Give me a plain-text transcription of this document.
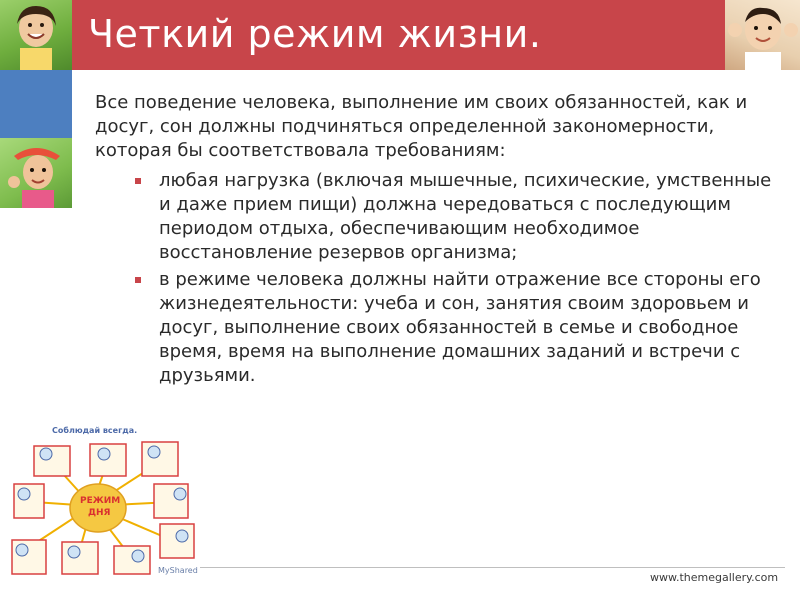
Четкий режим жизни.

Все поведение человека, выполнение им своих обязанностей, как и досуг, сон должны подчиняться определенной закономерности, которая бы соответствовала требованиям:

любая нагрузка (включая мышечные, психические, умственные и даже прием пищи) должна чередоваться с последующим периодом отдыха, обеспечивающим необходимое восстановление резервов организма;
в режиме человека должны найти отражение все стороны его жизнедеятельности: учеба и сон, занятия своим здоровьем и досуг, выполнение своих обязанностей в семье и свободное время, время на выполнение домашних заданий и встречи с друзьями.
Соблюдай всегда.
РЕЖИМ
ДНЯ
MyShared
www.themegallery.com
